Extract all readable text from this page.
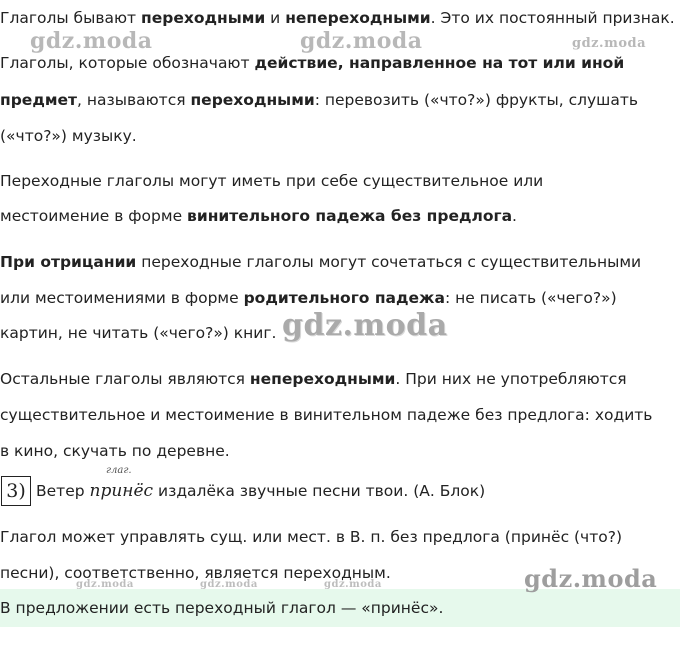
Глаголы бывают переходными и непереходными. Это их постоянный признак.
Глаголы, которые обозначают действие, направленное на тот или иной
предмет, называются переходными: перевозить («что?») фрукты, слушать
(«что?») музыку.
Переходные глаголы могут иметь при себе существительное или
местоимение в форме винительного падежа без предлога.
При отрицании переходные глаголы могут сочетаться с существительными
или местоимениями в форме родительного падежа: не писать («чего?»)
картин, не читать («чего?») книг.
Остальные глаголы являются непереходными. При них не употребляются
существительное и местоимение в винительном падеже без предлога: ходить
в кино, скучать по деревне.
3)
глаг.
Ветер принёс издалёка звучные песни твои. (А. Блок)
Глагол может управлять сущ. или мест. в В. п. без предлога (принёс (что?)
песни), соответственно, является переходным.
В предложении есть переходный глагол — «принёс».
gdz.moda	gdz.moda	gdz.moda
gdz.moda
gdz.moda	gdz.moda	gdz.moda	gdz.moda
